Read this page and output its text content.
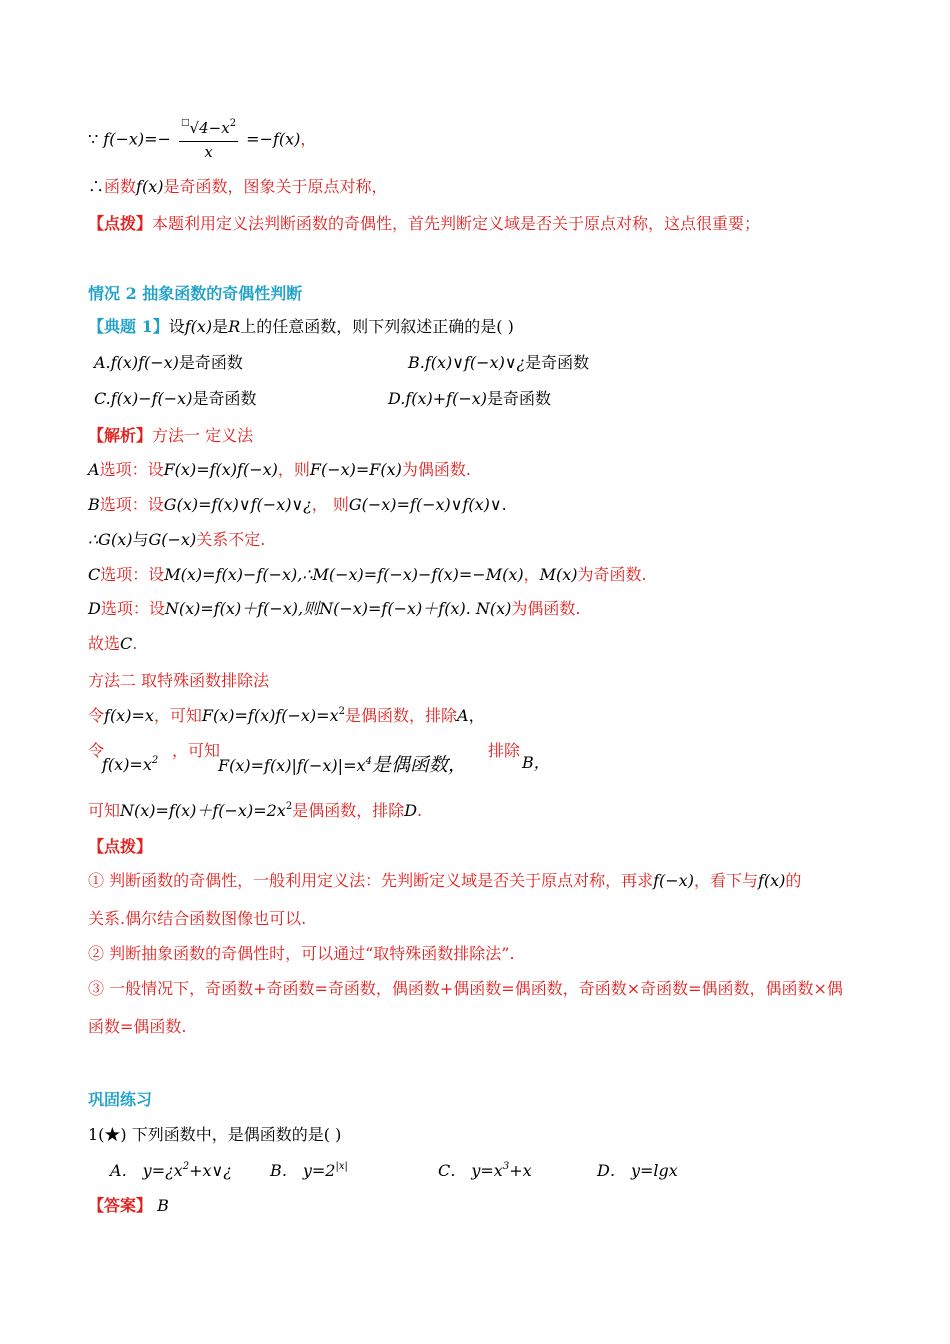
∵ $f(-x)=- \frac{^□√4-x^2}{x} =-f(x)$，
∴函数f(x)是奇函数，图象关于原点对称，
【点拨】本题利用定义法判断函数的奇偶性，首先判断定义域是否关于原点对称，这点很重要；
情况 2 抽象函数的奇偶性判断
【典题 1】设f(x)是R上的任意函数，则下列叙述正确的是( )
A.f(x)f(−x)是奇函数	B.f(x)∨f(−x)∨¿是奇函数
C.f(x)−f(−x)是奇函数	D.f(x)+f(−x)是奇函数
【解析】方法一 定义法
A选项：设F(x)=f(x)f(−x)，则F(−x)=F(x)为偶函数.
B选项：设G(x)=f(x)∨f(−x)∨¿， 则G(−x)=f(−x)∨f(x)∨.
∴G(x)与G(−x)关系不定.
C选项：设M(x)=f(x)−f(−x),∴M(−x)=f(−x)−f(x)=−M(x)，M(x)为奇函数.
D选项：设N(x)=f(x)＋f(−x),则N(−x)=f(−x)＋f(x). N(x)为偶函数.
故选C.
方法二 取特殊函数排除法
令f(x)=x，可知$F(x)=f(x)f(-x)=x^2$是偶函数，排除A，
令
$f(x)=x^2$
，可知
$F(x)=f(x)|f(-x)|=x^4$是偶函数，
排除
B，
可知$N(x)=f(x)+f(-x)=2x^2$是偶函数，排除D.
【点拨】
① 判断函数的奇偶性，一般利用定义法：先判断定义域是否关于原点对称，再求f(−x)，看下与f(x)的
关系.偶尔结合函数图像也可以.
② 判断抽象函数的奇偶性时，可以通过“取特殊函数排除法”.
③ 一般情况下，奇函数+奇函数=奇函数，偶函数+偶函数=偶函数，奇函数×奇函数=偶函数，偶函数×偶
函数=偶函数.
巩固练习
1(★) 下列函数中，是偶函数的是( )
A． $y=¿x^2+x\vee¿$ B． $y=2^{|x|}$	C． $y=x^3+x$	D． y=lgx
【答案】 B
